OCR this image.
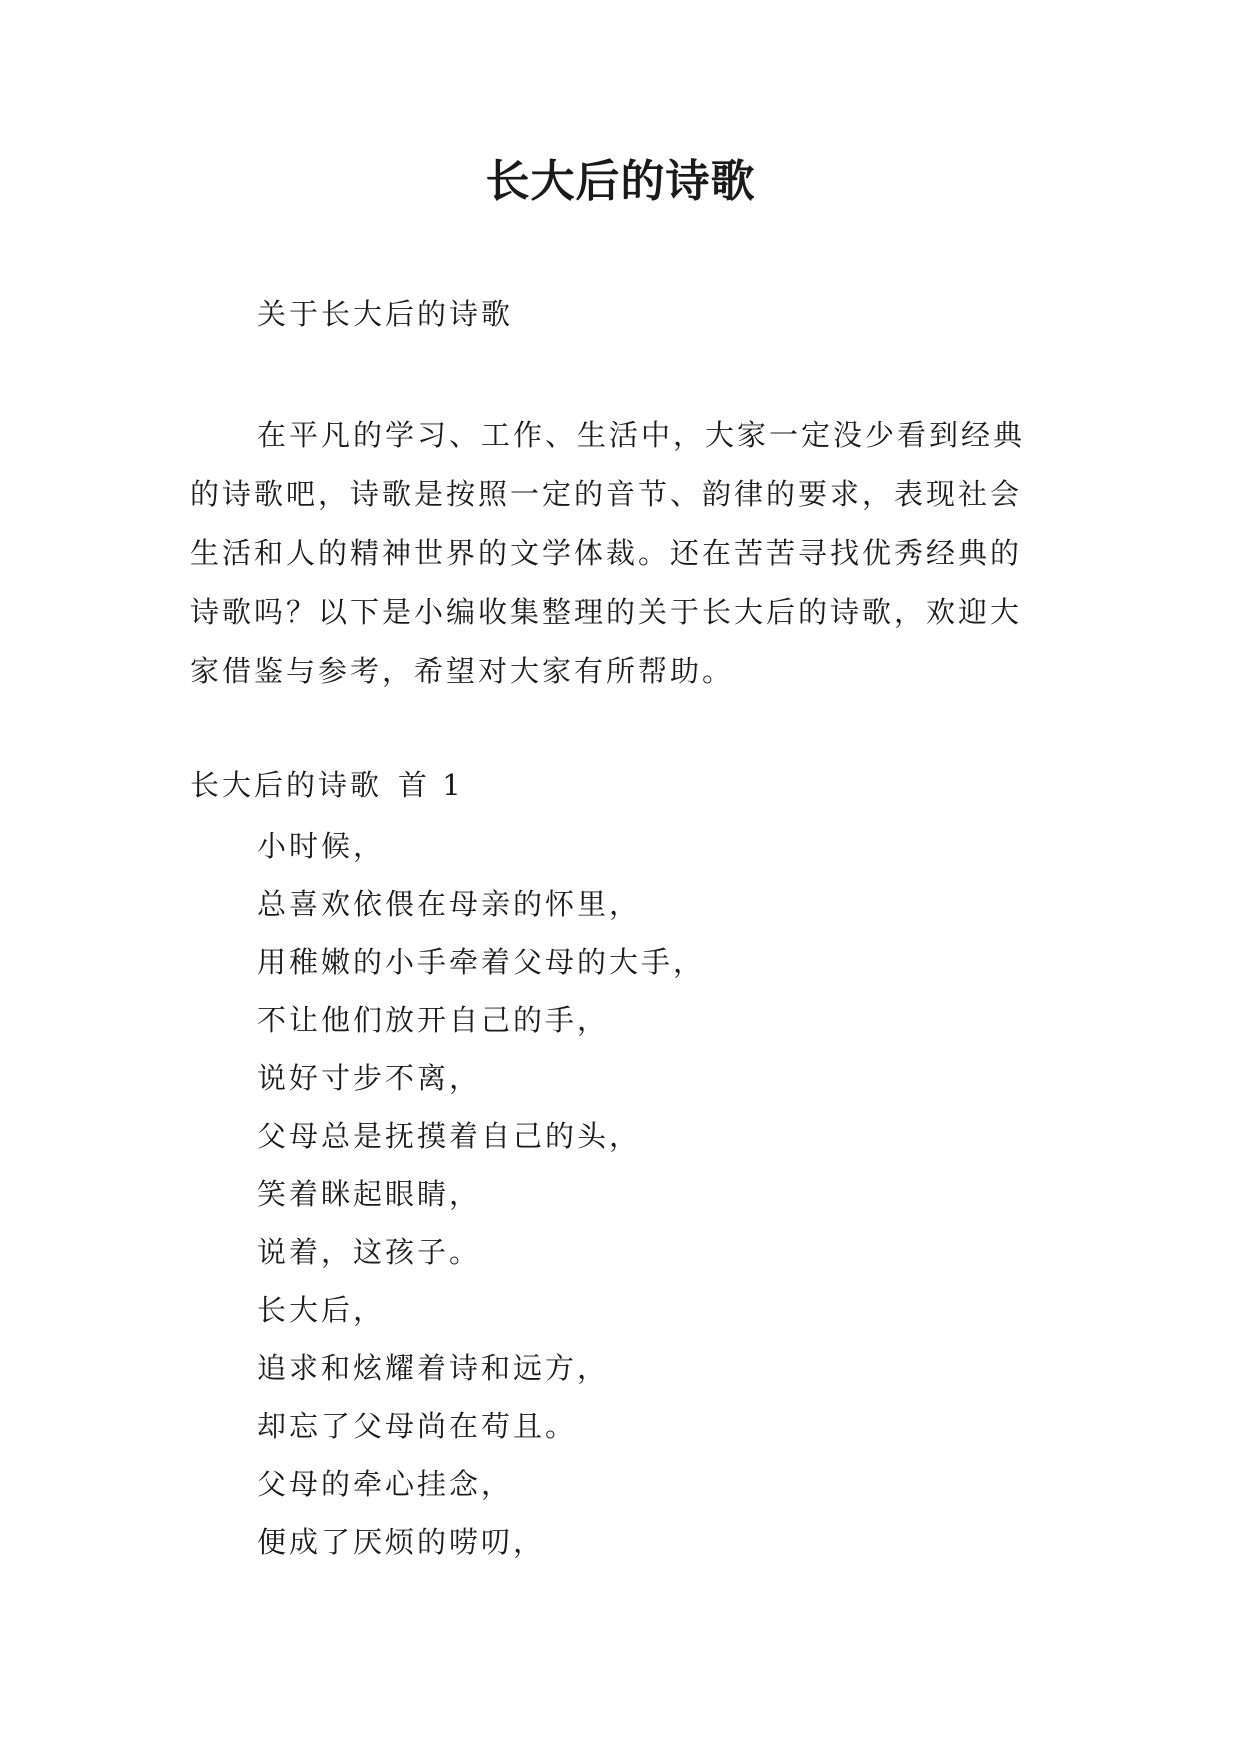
长大后的诗歌

关于长大后的诗歌

在平凡的学习、工作、生活中，大家一定没少看到经典
的诗歌吧，诗歌是按照一定的音节、韵律的要求，表现社会
生活和人的精神世界的文学体裁。还在苦苦寻找优秀经典的
诗歌吗？以下是小编收集整理的关于长大后的诗歌，欢迎大
家借鉴与参考，希望对大家有所帮助。

长大后的诗歌 首 1

小时候，
总喜欢依偎在母亲的怀里，
用稚嫩的小手牵着父母的大手，
不让他们放开自己的手，
说好寸步不离，
父母总是抚摸着自己的头，
笑着眯起眼睛，
说着，这孩子。
长大后，
追求和炫耀着诗和远方，
却忘了父母尚在苟且。
父母的牵心挂念，
便成了厌烦的唠叨，
